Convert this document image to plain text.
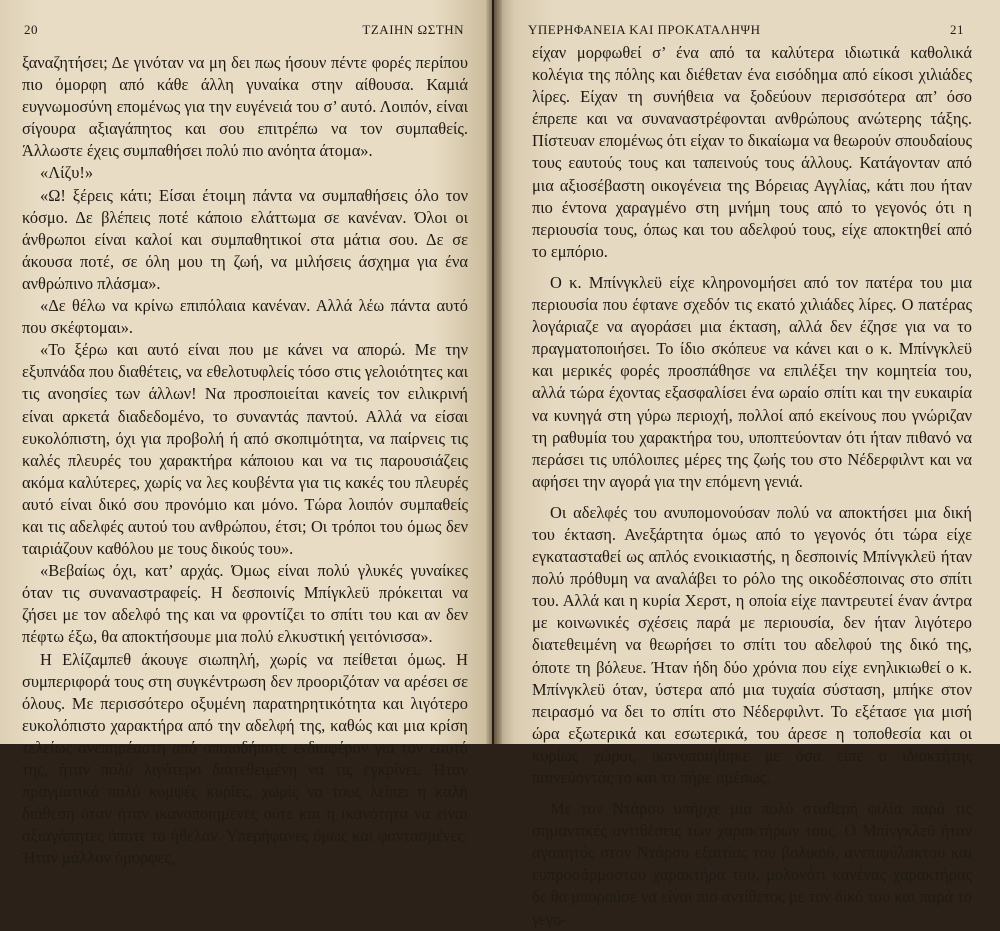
20	ΤΖΑΙΗΝ ΩΣΤΗΝ

ξαναζητήσει; Δε γινόταν να μη δει πως ήσουν πέντε φορές περίπου πιο όμορφη από κάθε άλλη γυναίκα στην αίθουσα. Καμιά ευγνωμοσύνη επομένως για την ευγένειά του σ’ αυτό. Λοιπόν, είναι σίγουρα αξιαγάπητος και σου επιτρέπω να τον συμπαθείς. Άλλωστε έχεις συμπαθήσει πολύ πιο ανόητα άτομα».

«Λίζυ!»

«Ω! ξέρεις κάτι; Είσαι έτοιμη πάντα να συμπαθήσεις όλο τον κόσμο. Δε βλέπεις ποτέ κάποιο ελάττωμα σε κανέναν. Όλοι οι άνθρωποι είναι καλοί και συμπαθητικοί στα μάτια σου. Δε σε άκουσα ποτέ, σε όλη μου τη ζωή, να μιλήσεις άσχημα για ένα ανθρώπινο πλάσμα».

«Δε θέλω να κρίνω επιπόλαια κανέναν. Αλλά λέω πάντα αυτό που σκέφτομαι».

«Το ξέρω και αυτό είναι που με κάνει να απορώ. Με την εξυπνάδα που διαθέτεις, να εθελοτυφλείς τόσο στις γελοιότητες και τις ανοησίες των άλλων! Να προσποιείται κανείς τον ειλικρινή είναι αρκετά διαδεδομένο, το συναντάς παντού. Αλλά να είσαι ευκολόπιστη, όχι για προβολή ή από σκοπιμότητα, να παίρνεις τις καλές πλευρές του χαρακτήρα κάποιου και να τις παρουσιάζεις ακόμα καλύτερες, χωρίς να λες κουβέντα για τις κακές του πλευρές αυτό είναι δικό σου προνόμιο και μόνο. Τώρα λοιπόν συμπαθείς και τις αδελφές αυτού του ανθρώπου, έτσι; Οι τρόποι του όμως δεν ταιριάζουν καθόλου με τους δικούς του».

«Βεβαίως όχι, κατ’ αρχάς. Όμως είναι πολύ γλυκές γυναίκες όταν τις συναναστραφείς. Η δεσποινίς Μπίγκλεϋ πρόκειται να ζήσει με τον αδελφό της και να φροντίζει το σπίτι του και αν δεν πέφτω έξω, θα αποκτήσουμε μια πολύ ελκυστική γειτόνισσα».

Η Ελίζαμπεθ άκουγε σιωπηλή, χωρίς να πείθεται όμως. Η συμπεριφορά τους στη συγκέντρωση δεν προοριζόταν να αρέσει σε όλους. Με περισσότερο οξυμένη παρατηρητικότητα και λιγότερο ευκολόπιστο χαρακτήρα από την αδελφή της, καθώς και μια κρίση τελείως ανεπηρέαστη από οποιοδήποτε ενδιαφέρον για τον εαυτό της, ήταν πολύ λιγότερο διατεθειμένη να τις εγκρίνει. Ήταν πραγματικά πολύ κομψές κυρίες, χωρίς να τους λείπει η καλή διάθεση όταν ήταν ικανοποιημένες ούτε και η ικανότητα να είναι αξιαγάπητες όποτε το ήθελαν. Υπερήφανες όμως και φαντασμένες. Ήταν μάλλον όμορφες,

ΥΠΕΡΗΦΑΝΕΙΑ ΚΑΙ ΠΡΟΚΑΤΑΛΗΨΗ	21

είχαν μορφωθεί σ’ ένα από τα καλύτερα ιδιωτικά καθολικά κολέγια της πόλης και διέθεταν ένα εισόδημα από είκοσι χιλιάδες λίρες. Είχαν τη συνήθεια να ξοδεύουν περισσότερα απ’ όσο έπρεπε και να συναναστρέφονται ανθρώπους ανώτερης τάξης. Πίστευαν επομένως ότι είχαν το δικαίωμα να θεωρούν σπουδαίους τους εαυτούς τους και ταπεινούς τους άλλους. Κατάγονταν από μια αξιοσέβαστη οικογένεια της Βόρειας Αγγλίας, κάτι που ήταν πιο έντονα χαραγμένο στη μνήμη τους από το γεγονός ότι η περιουσία τους, όπως και του αδελφού τους, είχε αποκτηθεί από το εμπόριο.

Ο κ. Μπίνγκλεϋ είχε κληρονομήσει από τον πατέρα του μια περιουσία που έφτανε σχεδόν τις εκατό χιλιάδες λίρες. Ο πατέρας λογάριαζε να αγοράσει μια έκταση, αλλά δεν έζησε για να το πραγματοποιήσει. Το ίδιο σκόπευε να κάνει και ο κ. Μπίνγκλεϋ και μερικές φορές προσπάθησε να επιλέξει την κομητεία του, αλλά τώρα έχοντας εξασφαλίσει ένα ωραίο σπίτι και την ευκαιρία να κυνηγά στη γύρω περιοχή, πολλοί από εκείνους που γνώριζαν τη ραθυμία του χαρακτήρα του, υποπτεύονταν ότι ήταν πιθανό να περάσει τις υπόλοιπες μέρες της ζωής του στο Νέδερφιλντ και να αφήσει την αγορά για την επόμενη γενιά.

Οι αδελφές του ανυπομονούσαν πολύ να αποκτήσει μια δική του έκταση. Ανεξάρτητα όμως από το γεγονός ότι τώρα είχε εγκατασταθεί ως απλός ενοικιαστής, η δεσποινίς Μπίνγκλεϋ ήταν πολύ πρόθυμη να αναλάβει το ρόλο της οικοδέσποινας στο σπίτι του. Αλλά και η κυρία Χερστ, η οποία είχε παντρευτεί έναν άντρα με κοινωνικές σχέσεις παρά με περιουσία, δεν ήταν λιγότερο διατεθειμένη να θεωρήσει το σπίτι του αδελφού της δικό της, όποτε τη βόλευε. Ήταν ήδη δύο χρόνια που είχε ενηλικιωθεί ο κ. Μπίνγκλεϋ όταν, ύστερα από μια τυχαία σύσταση, μπήκε στον πειρασμό να δει το σπίτι στο Νέδερφιλντ. Το εξέτασε για μισή ώρα εξωτερικά και εσωτερικά, του άρεσε η τοποθεσία και οι κυρίως χώροι, ικανοποιήθηκε με όσα είπε ο ιδιοκτήτης παινεύοντάς το και το πήρε αμέσως.

Με τον Ντάρσυ υπήρχε μια πολύ σταθερή φιλία παρά τις σημαντικές αντιθέσεις των χαρακτήρων τους. Ο Μπίνγκλεϋ ήταν αγαπητός στον Ντάρσυ εξαιτίας του βολικού, ανεπιφύλακτου και ευπροσάρμοστου χαρακτήρα του, μολονότι κανένας χαρακτήρας δε θα μπορούσε να είναι πιο αντίθετος με τον δικό του και παρά το γεγο-
